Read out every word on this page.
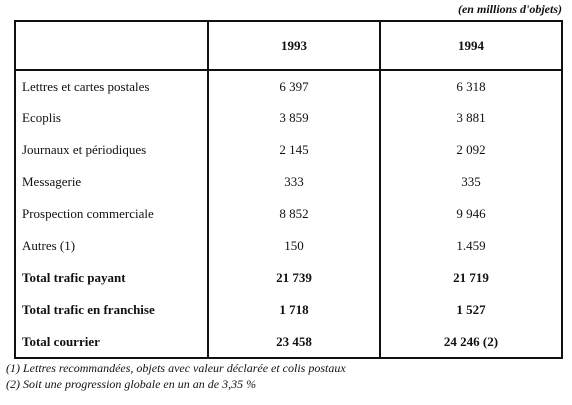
(en millions d'objets)
	1993	1994
Lettres et cartes postales	6 397	6 318
Ecoplis	3 859	3 881
Journaux et périodiques	2 145	2 092
Messagerie	333	335
Prospection commerciale	8 852	9 946
Autres (1)	150	1.459
Total trafic payant	21 739	21 719
Total trafic en franchise	1 718	1 527
Total courrier	23 458	24 246 (2)
(1) Lettres recommandées, objets avec valeur déclarée et colis postaux
(2) Soit une progression globale en un an de 3,35 %
